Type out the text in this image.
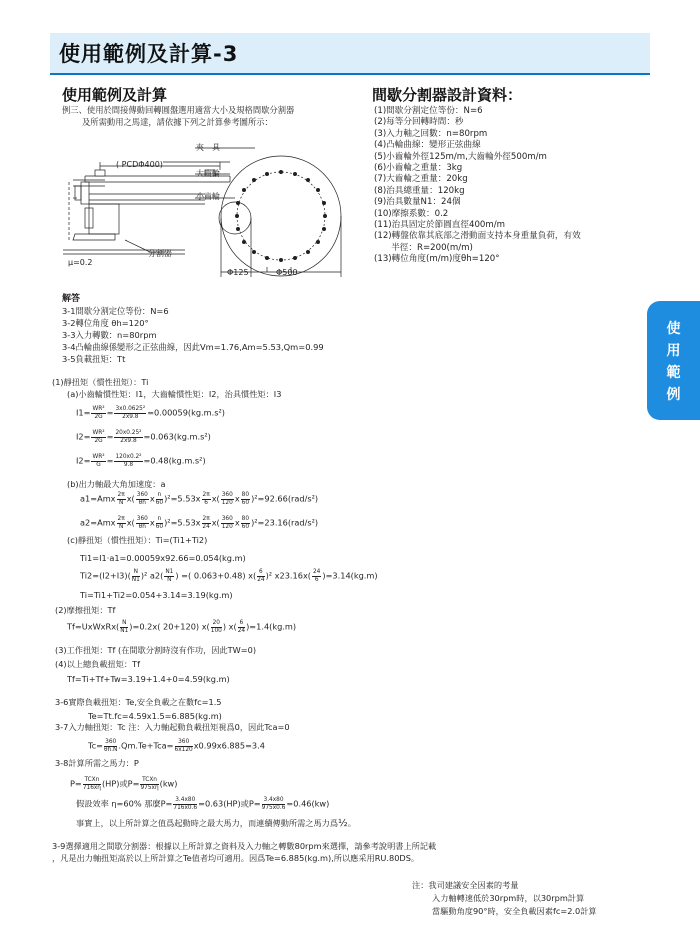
使用範例及計算-3
使
用
範
例
使用範例及計算
例三、使用於間接傳動回轉圓盤選用適當大小及規格間歇分割器
及所需動用之馬達，請依據下列之計算參考圖所示：
( PCDΦ400)
夾　具
大齒輪
小齒輪
分割器
μ=0.2
Φ125	Φ500
間歇分割器設計資料：
(1)間歇分割定位等份：N=6
(2)每等分回轉時間：秒
(3)入力軸之回數：n=80rpm
(4)凸輪曲線：變形正弦曲線
(5)小齒輪外徑125m/m,大齒輪外徑500m/m
(6)小齒輪之重量：3kg
(7)大齒輪之重量：20kg
(8)治具總重量：120kg
(9)治具數量N1：24個
(10)摩擦系數：0.2
(11)治具固定於節圓直徑400m/m
(12)轉盤依靠其底部之滑動面支持本身重量負荷，有效
　　半徑：R=200(m/m)
(13)轉位角度(m/m)度θh=120°
解答
3-1間歇分割定位等份：N=6
3-2轉位角度 θh=120°
3-3入力轉數：n=80rpm
3-4凸輪曲線係變形之正弦曲線，因此Vm=1.76,Am=5.53,Qm=0.99
3-5負載扭矩：Tt
(1)靜扭矩（慣性扭矩）：Ti
(a)小齒輪慣性矩：I1，大齒輪慣性矩：I2，治具慣性矩：I3
$I1= \frac{\text{WR²}}{2G} = \frac{\text{3x0.0625²}}{2x9.8} =0.00059(kg.m.s^2)$
$I2= \frac{\text{WR²}}{2G} = \frac{\text{20x0.25²}}{2x9.8} =0.063(kg.m.s^2)$
$I2= \frac{\text{WR²}}{G} = \frac{\text{120x0.2²}}{9.8} =0.48(kg.m.s^2)$
(b)出力軸最大角加速度：a
$a1=Amx \frac{2\pi}{N} x( \frac{360}{\theta h}$ x $\frac{n}{60} )^2=5.53x \frac{2\pi}{6} x( \frac{360}{120}$ x $\frac{80}{60} )^2=92.66(rad/s^2)$
$a2=Amx \frac{2\pi}{N} x( \frac{360}{\theta h}$ x $\frac{n}{60} )^2=5.53x \frac{2\pi}{24} x( \frac{360}{120}$ x $\frac{80}{60} )^2=23.16(rad/s^2)$
(c)靜扭矩（慣性扭矩）：Ti=(Ti1+Ti2)
Ti1=I1·a1=0.00059x92.66=0.054(kg.m)
$Ti2=(I2+I3)( \frac{N}{N1} )^2$ $a2( \frac{N1}{N}$ ) =( 0.063+0.48) $x( \frac{6}{24} )^2$ $x23.16x( \frac{24}{6} )=3.14(kg.m)$
Ti=Ti1+Ti2=0.054+3.14=3.19(kg.m)
(2)摩擦扭矩：Tf
Tf=UxWxRx( $\frac{N}{N1} )=0.2x$( 20+120) $x( \frac{20}{100}$ ) $x( \frac{6}{24} )=1.4(kg.m)$
(3)工作扭矩：Tf (在間歇分割時沒有作功，因此TW=0)
(4)以上總負載扭矩：Tf
Tf=Ti+Tf+Tw=3.19+1.4+0=4.59(kg.m)
3-6實際負載扭矩：Te,安全負載之在數fc=1.5
Te=Tt.fc=4.59x1.5=6.885(kg.m)
3-7入力軸扭矩：Tc 注：入力軸起動負載扭矩視爲0，因此Tca=0
$Tc= \frac{360}{\theta h.N} .Qm.Te+Tca= \frac{360}{6x120} x0.99x6.885=3.4$
3-8計算所需之馬力：P
P= TCXn
716xη (HP)或P= TCXn
975xη (kw)
假設效率 η=60% 那麼$P= \frac{3.4x80}{716x0.6} =0.63(HP)$或$P= \frac{3.4x80}{975x0.6} =0.46(kw)$
事實上，以上所計算之值爲起動時之最大馬力，而連續傳動所需之馬力爲½。
3-9選擇適用之間歇分割器：根據以上所計算之資料及入力軸之轉數80rpm來選擇，請參考說明書上所記載
，凡是出力軸扭矩高於以上所計算之Te值者均可適用。因爲Te=6.885(kg.m),所以應采用RU.80DS。
注：我司建議安全因素的考量
入力軸轉速低於30rpm時，以30rpm計算
當驅動角度90°時，安全負載因素fc=2.0計算
